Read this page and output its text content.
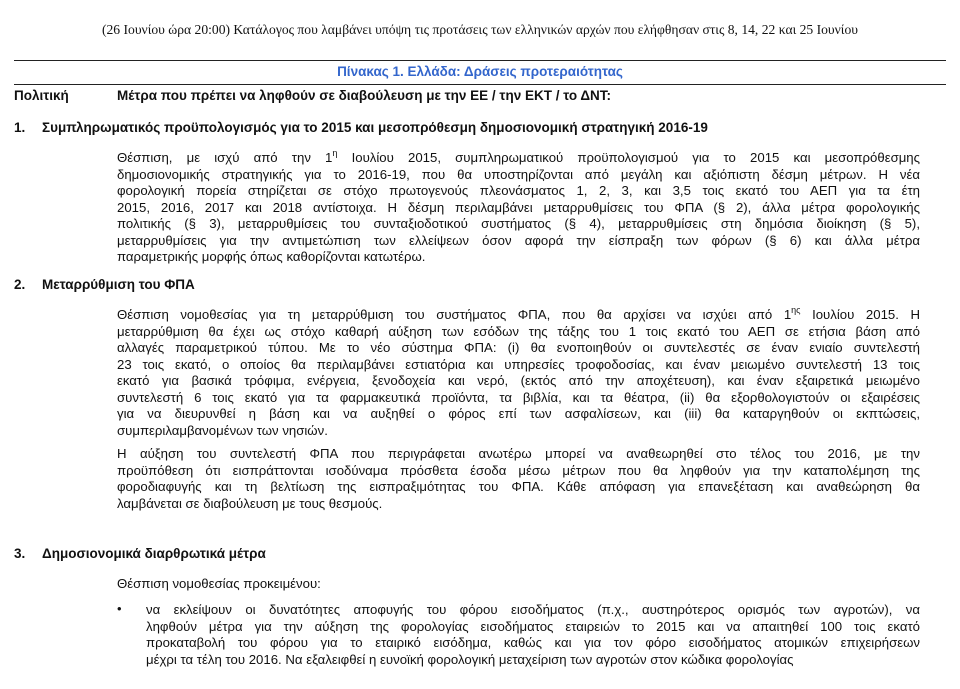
(26 Ιουνίου ώρα 20:00) Κατάλογος που λαμβάνει υπόψη τις προτάσεις των ελληνικών αρχών που ελήφθησαν στις 8, 14, 22 και 25 Ιουνίου
Πίνακας 1. Ελλάδα: Δράσεις προτεραιότητας
Πολιτική	Μέτρα που πρέπει να ληφθούν σε διαβούλευση με την ΕΕ / την ΕΚΤ / το ΔΝΤ:
1. Συμπληρωματικός προϋπολογισμός για το 2015 και μεσοπρόθεσμη δημοσιονομική στρατηγική 2016-19
Θέσπιση, με ισχύ από την $1^\eta$ Ιουλίου 2015, συμπληρωματικού προϋπολογισμού για το 2015 και μεσοπρόθεσμης
δημοσιονομικής στρατηγικής για το 2016-19, που θα υποστηρίζονται από μεγάλη και αξιόπιστη δέσμη μέτρων. Η νέα
φορολογική πορεία στηρίζεται σε στόχο πρωτογενούς πλεονάσματος 1, 2, 3, και 3,5 τοις εκατό του ΑΕΠ για τα έτη
2015, 2016, 2017 και 2018 αντίστοιχα. Η δέσμη περιλαμβάνει μεταρρυθμίσεις του ΦΠΑ (§ 2), άλλα μέτρα φορολογικής
πολιτικής (§ 3), μεταρρυθμίσεις του συνταξιοδοτικού συστήματος (§ 4), μεταρρυθμίσεις στη δημόσια διοίκηση (§ 5),
μεταρρυθμίσεις για την αντιμετώπιση των ελλείψεων όσον αφορά την είσπραξη των φόρων (§ 6) και άλλα μέτρα
παραμετρικής μορφής όπως καθορίζονται κατωτέρω.
2. Μεταρρύθμιση του ΦΠΑ
Θέσπιση νομοθεσίας για τη μεταρρύθμιση του συστήματος ΦΠΑ, που θα αρχίσει να ισχύει από $1^{\eta\varsigma}$ Ιουλίου 2015. Η
μεταρρύθμιση θα έχει ως στόχο καθαρή αύξηση των εσόδων της τάξης του 1 τοις εκατό του ΑΕΠ σε ετήσια βάση από
αλλαγές παραμετρικού τύπου. Με το νέο σύστημα ΦΠΑ: (i) θα ενοποιηθούν οι συντελεστές σε έναν ενιαίο συντελεστή
23 τοις εκατό, ο οποίος θα περιλαμβάνει εστιατόρια και υπηρεσίες τροφοδοσίας, και έναν μειωμένο συντελεστή 13 τοις
εκατό για βασικά τρόφιμα, ενέργεια, ξενοδοχεία και νερό, (εκτός από την αποχέτευση), και έναν εξαιρετικά μειωμένο
συντελεστή 6 τοις εκατό για τα φαρμακευτικά προϊόντα, τα βιβλία, και τα θέατρα, (ii) θα εξορθολογιστούν οι εξαιρέσεις
για να διευρυνθεί η βάση και να αυξηθεί ο φόρος επί των ασφαλίσεων, και (iii) θα καταργηθούν οι εκπτώσεις,
συμπεριλαμβανομένων των νησιών.
Η αύξηση του συντελεστή ΦΠΑ που περιγράφεται ανωτέρω μπορεί να αναθεωρηθεί στο τέλος του 2016, με την
προϋπόθεση ότι εισπράττονται ισοδύναμα πρόσθετα έσοδα μέσω μέτρων που θα ληφθούν για την καταπολέμηση της
φοροδιαφυγής και τη βελτίωση της εισπραξιμότητας του ΦΠΑ. Κάθε απόφαση για επανεξέταση και αναθεώρηση θα
λαμβάνεται σε διαβούλευση με τους θεσμούς.
3. Δημοσιονομικά διαρθρωτικά μέτρα
Θέσπιση νομοθεσίας προκειμένου:
• να εκλείψουν οι δυνατότητες αποφυγής του φόρου εισοδήματος (π.χ., αυστηρότερος ορισμός των αγροτών), να
ληφθούν μέτρα για την αύξηση της φορολογίας εισοδήματος εταιρειών το 2015 και να απαιτηθεί 100 τοις εκατό
προκαταβολή του φόρου για το εταιρικό εισόδημα, καθώς και για τον φόρο εισοδήματος ατομικών επιχειρήσεων
μέχρι τα τέλη του 2016. Να εξαλειφθεί η ευνοϊκή φορολογική μεταχείριση των αγροτών στον κώδικα φορολογίας
